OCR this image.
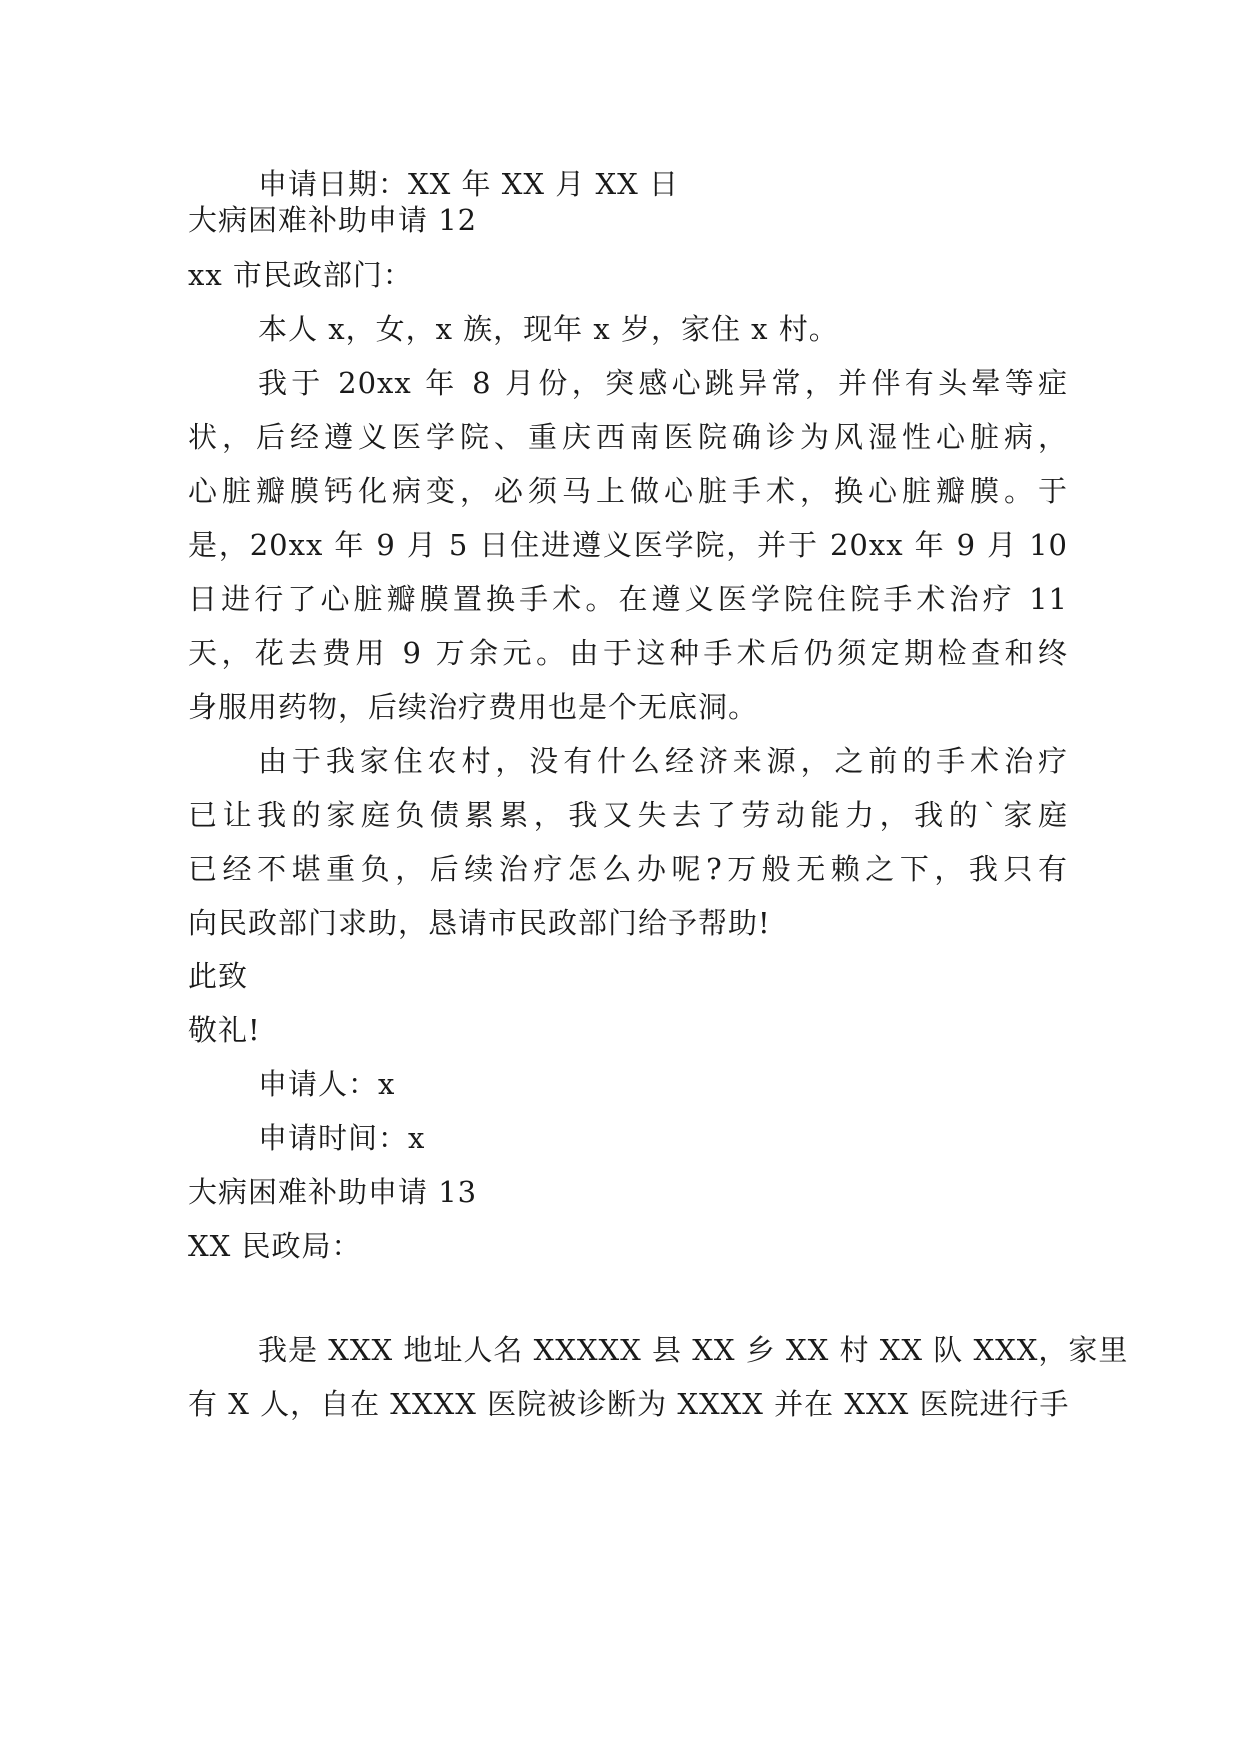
申请日期：XX 年 XX 月 XX 日
大病困难补助申请 12
xx 市民政部门：
本人 x，女，x 族，现年 x 岁，家住 x 村。
我于 20xx 年 8 月份，突感心跳异常，并伴有头晕等症
状，后经遵义医学院、重庆西南医院确诊为风湿性心脏病，
心脏瓣膜钙化病变，必须马上做心脏手术，换心脏瓣膜。于
是，20xx 年 9 月 5 日住进遵义医学院，并于 20xx 年 9 月 10
日进行了心脏瓣膜置换手术。在遵义医学院住院手术治疗 11
天，花去费用 9 万余元。由于这种手术后仍须定期检查和终
身服用药物，后续治疗费用也是个无底洞。
由于我家住农村，没有什么经济来源，之前的手术治疗
已让我的家庭负债累累，我又失去了劳动能力，我的`家庭
已经不堪重负，后续治疗怎么办呢?万般无赖之下，我只有
向民政部门求助，恳请市民政部门给予帮助!
此致
敬礼!
申请人：x
申请时间：x
大病困难补助申请 13
XX 民政局：
我是 XXX 地址人名 XXXXX 县 XX 乡 XX 村 XX 队 XXX，家里
有 X 人，自在 XXXX 医院被诊断为 XXXX 并在 XXX 医院进行手
